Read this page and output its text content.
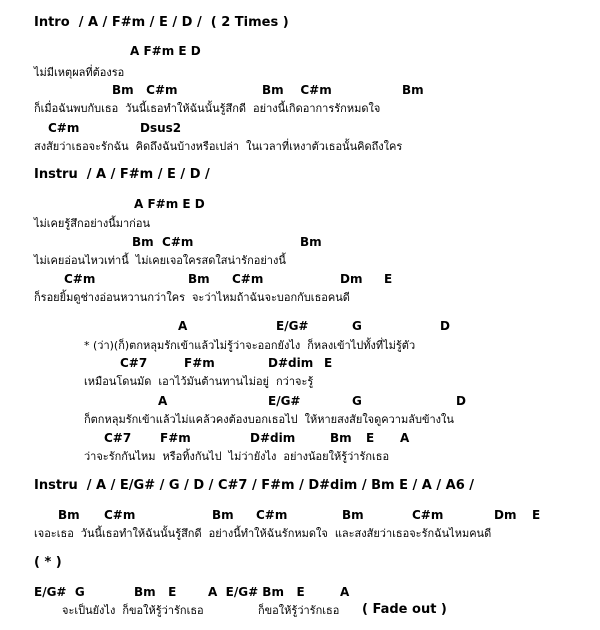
Intro  / A / F#m / E / D /  ( 2 Times )
A F#m E D
ไม่มีเหตุผลที่ต้องรอ
Bm   C#m	Bm    C#m	Bm
ก็เมื่อฉันพบกับเธอ  วันนี้เธอทำให้ฉันนั้นรู้สึกดี  อย่างนี้เกิดอาการรักหมดใจ
C#m	Dsus2
สงสัยว่าเธอจะรักฉัน  คิดถึงฉันบ้างหรือเปล่า  ในเวลาที่เหงาตัวเธอนั้นคิดถึงใคร
Instru  / A / F#m / E / D /
A F#m E D
ไม่เคยรู้สึกอย่างนี้มาก่อน
Bm  C#m	Bm
ไม่เคยอ่อนไหวเท่านี้  ไม่เคยเจอใครสดใสน่ารักอย่างนี้
C#m	Bm C#m	Dm E
ก็รอยยิ้มดูช่างอ่อนหวานกว่าใคร  จะว่าไหมถ้าฉันจะบอกกับเธอคนดี
A	E/G#	G	D
* (ว่า)(ก็)ตกหลุมรักเข้าแล้วไม่รู้ว่าจะออกยังไง  ก็หลงเข้าไปทั้งที่ไม่รู้ตัว
C#7	F#m	D#dim E
เหมือนโดนมัด  เอาไว้มันต้านทานไม่อยู่  กว่าจะรู้
A	E/G#	G	D
ก็ตกหลุมรักเข้าแล้วไม่แคล้วคงต้องบอกเธอไป  ให้หายสงสัยใจดูความลับข้างใน
C#7 F#m	D#dim	Bm E A
ว่าจะรักกันไหม  หรือทิ้งกันไป  ไม่ว่ายังไง  อย่างน้อยให้รู้ว่ารักเธอ
Instru  / A / E/G# / G / D / C#7 / F#m / D#dim / Bm E / A / A6 /
Bm C#m	Bm C#m	Bm	C#m	Dm E
เจอะเธอ  วันนี้เธอทำให้ฉันนั้นรู้สึกดี  อย่างนี้ทำให้ฉันรักหมดใจ  และสงสัยว่าเธอจะรักฉันไหมคนดี
( * )
E/G#  G	Bm   E	A  E/G# Bm   E	A
จะเป็นยังไง  ก็ขอให้รู้ว่ารักเธอ	ก็ขอให้รู้ว่ารักเธอ ( Fade out )
